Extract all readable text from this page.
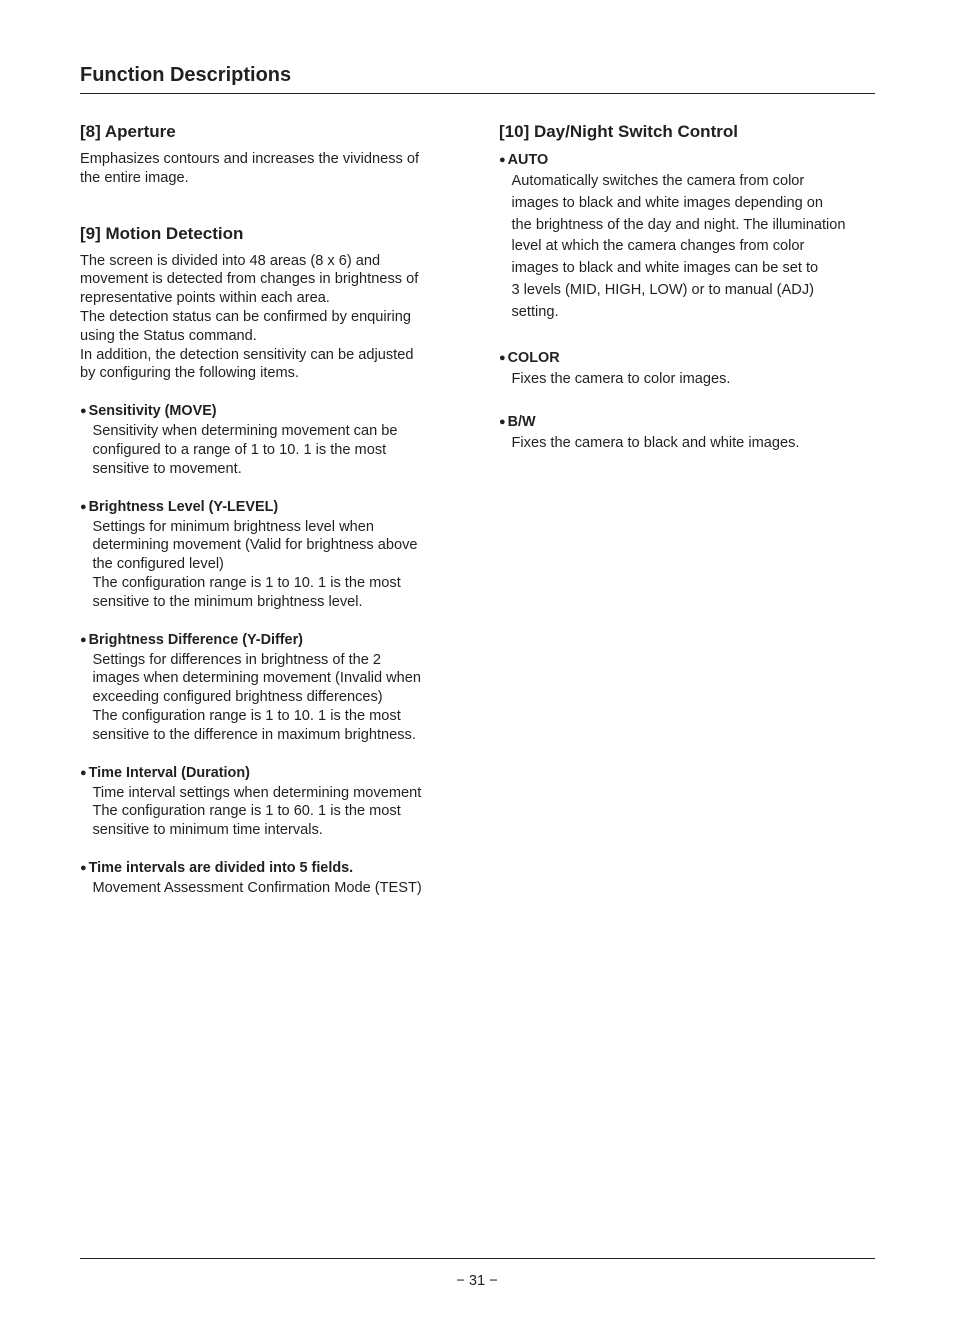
Function Descriptions
[8] Aperture

Emphasizes contours and increases the vividness of

the entire image.

[9] Motion Detection

The screen is divided into 48 areas (8 x 6) and

movement is detected from changes in brightness of

representative points within each area.

The detection status can be confirmed by enquiring

using the Status command.

In addition, the detection sensitivity can be adjusted

by configuring the following items.

● Sensitivity (MOVE)

Sensitivity when determining movement can be

configured to a range of 1 to 10. 1 is the most

sensitive to movement.

● Brightness Level (Y-LEVEL)

Settings for minimum brightness level when

determining movement (Valid for brightness above

the configured level)

The configuration range is 1 to 10. 1 is the most

sensitive to the minimum brightness level.

● Brightness Difference (Y-Differ)

Settings for differences in brightness of the 2

images when determining movement (Invalid when

exceeding configured brightness differences)

The configuration range is 1 to 10. 1 is the most

sensitive to the difference in maximum brightness.

● Time Interval (Duration)

Time interval settings when determining movement

The configuration range is 1 to 60. 1 is the most

sensitive to minimum time intervals.

● Time intervals are divided into 5 fields.

Movement Assessment Confirmation Mode (TEST)

[10] Day/Night Switch Control
● AUTO

Automatically switches the camera from color

images to black and white images depending on

the brightness of the day and night. The illumination

level at which the camera changes from color

images to black and white images can be set to

3 levels (MID, HIGH, LOW) or to manual (ADJ)

setting.

● COLOR

Fixes the camera to color images.

● B/W

Fixes the camera to black and white images.

− 31 −
